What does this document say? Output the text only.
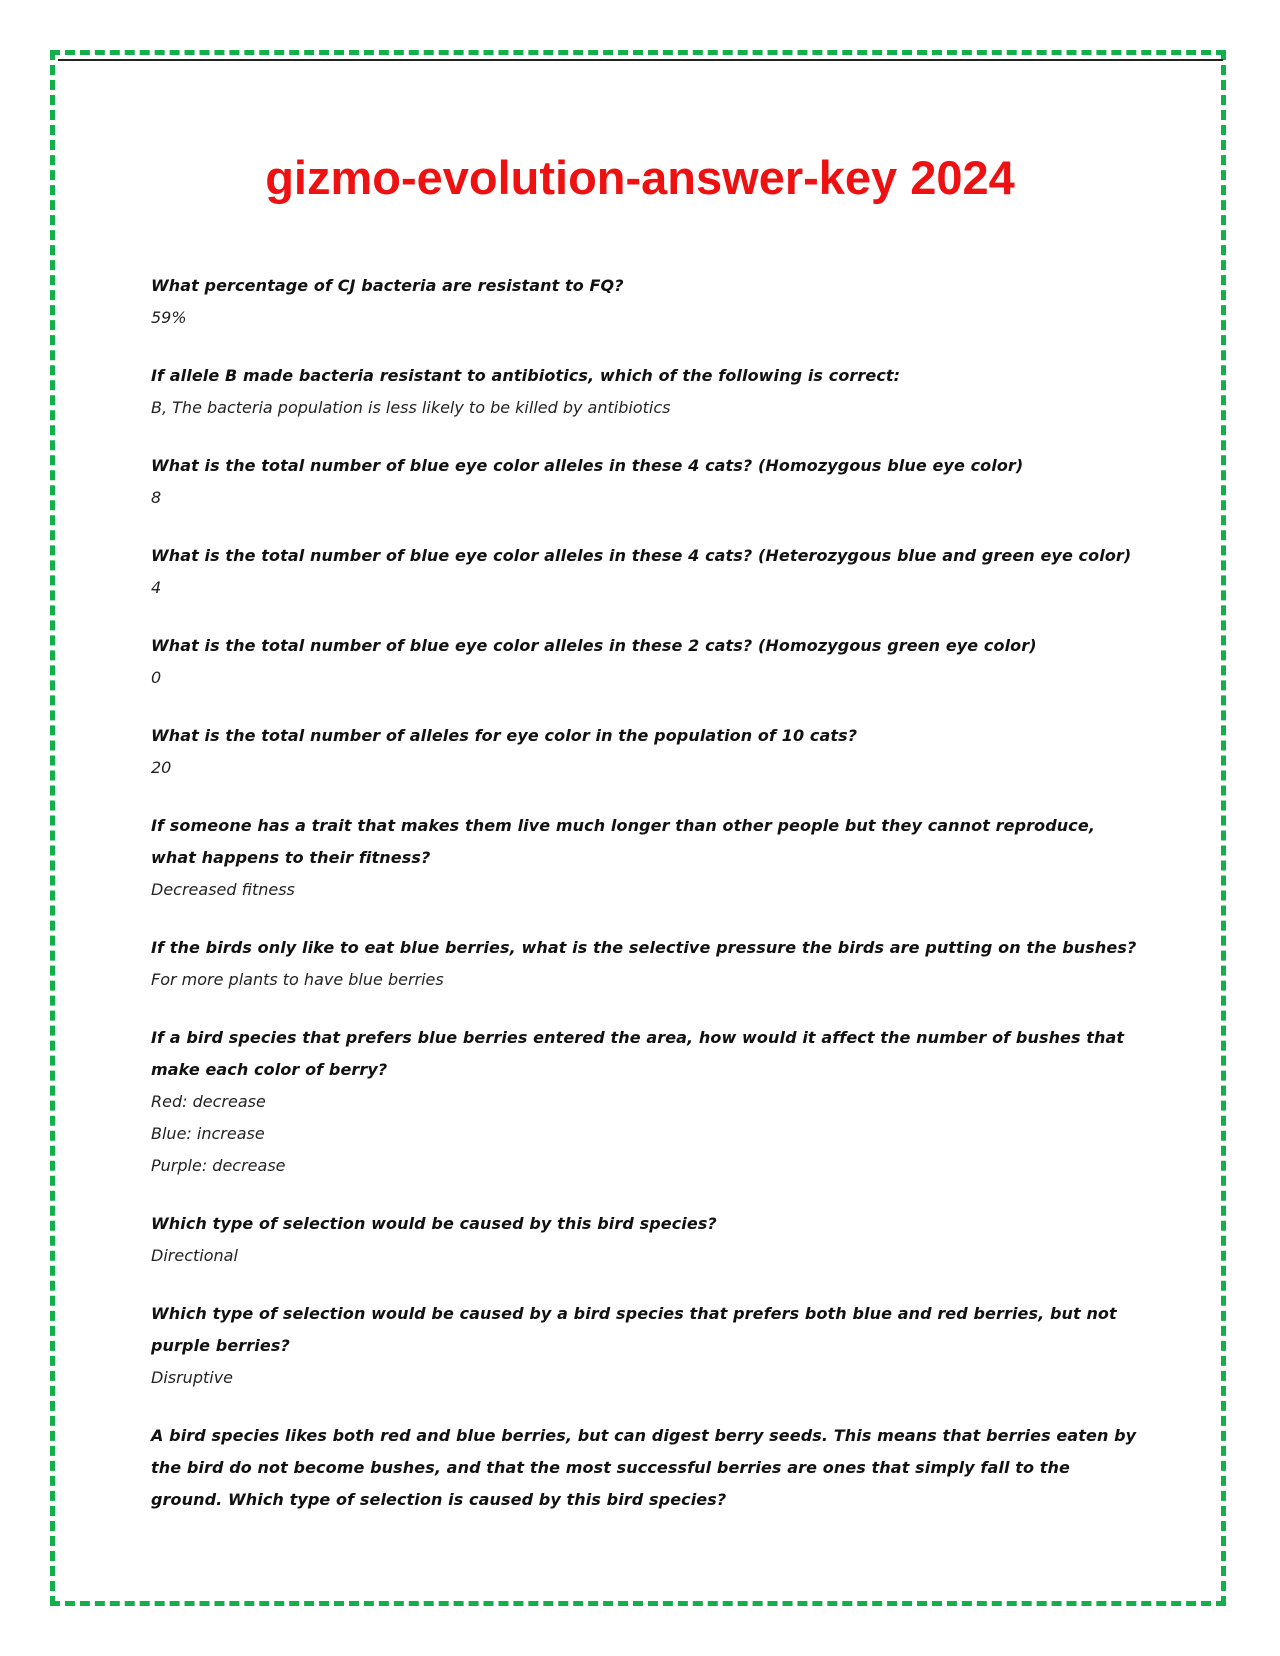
gizmo-evolution-answer-key 2024

What percentage of CJ bacteria are resistant to FQ?

59%

If allele B made bacteria resistant to antibiotics, which of the following is correct:

B, The bacteria population is less likely to be killed by antibiotics

What is the total number of blue eye color alleles in these 4 cats? (Homozygous blue eye color)

8

What is the total number of blue eye color alleles in these 4 cats? (Heterozygous blue and green eye color)

4

What is the total number of blue eye color alleles in these 2 cats? (Homozygous green eye color)

0

What is the total number of alleles for eye color in the population of 10 cats?

20

If someone has a trait that makes them live much longer than other people but they cannot reproduce, what happens to their fitness?

Decreased fitness

If the birds only like to eat blue berries, what is the selective pressure the birds are putting on the bushes?

For more plants to have blue berries

If a bird species that prefers blue berries entered the area, how would it affect the number of bushes that make each color of berry?

Red: decrease

Blue: increase

Purple: decrease

Which type of selection would be caused by this bird species?

Directional

Which type of selection would be caused by a bird species that prefers both blue and red berries, but not purple berries?

Disruptive

A bird species likes both red and blue berries, but can digest berry seeds. This means that berries eaten by the bird do not become bushes, and that the most successful berries are ones that simply fall to the ground. Which type of selection is caused by this bird species?
